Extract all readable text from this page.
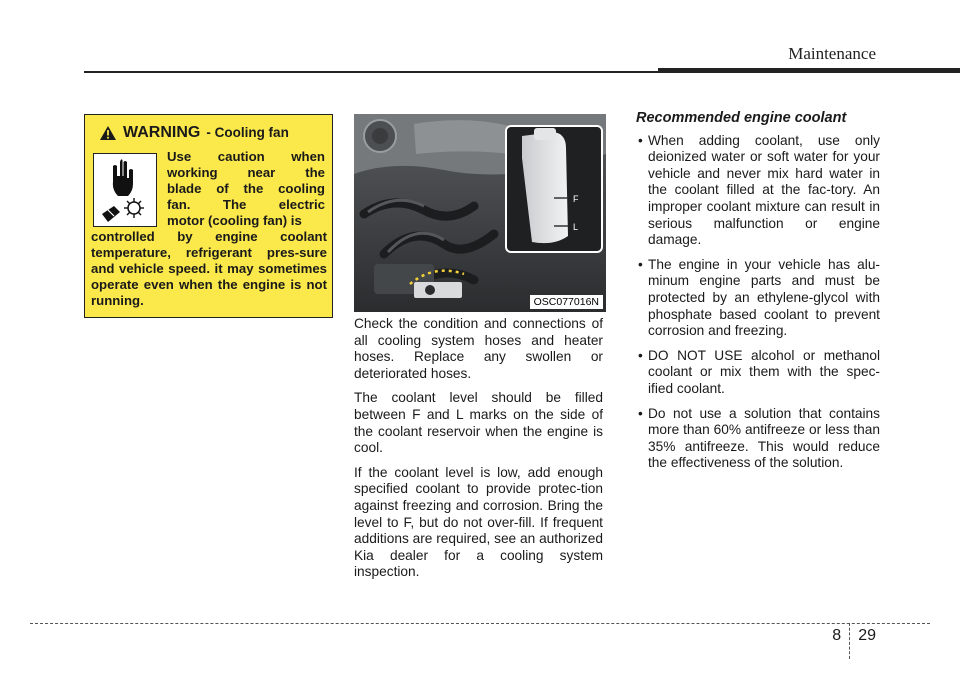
Maintenance
WARNING - Cooling fan

Use caution when

working near the

blade of the cooling

fan. The electric

motor (cooling fan) is

controlled by engine coolant temperature, refrigerant pres-sure and vehicle speed. it may sometimes operate even when the engine is not running.
F
L
OSC077016N

Check the condition and connections of all cooling system hoses and heater hoses. Replace any swollen or deteriorated hoses.

The coolant level should be filled between F and L marks on the side of the coolant reservoir when the engine is cool.

If the coolant level is low, add enough specified coolant to provide protec-tion against freezing and corrosion. Bring the level to F, but do not over-fill. If frequent additions are required, see an authorized Kia dealer for a cooling system inspection.

Recommended engine coolant
• When adding coolant, use only deionized water or soft water for your vehicle and never mix hard water in the coolant filled at the fac-tory. An improper coolant mixture can result in serious malfunction or engine damage.
• The engine in your vehicle has alu-minum engine parts and must be protected by an ethylene-glycol with phosphate based coolant to prevent corrosion and freezing.
• DO NOT USE alcohol or methanol coolant or mix them with the spec-ified coolant.
• Do not use a solution that contains more than 60% antifreeze or less than 35% antifreeze. This would reduce the effectiveness of the solution.
8	29
